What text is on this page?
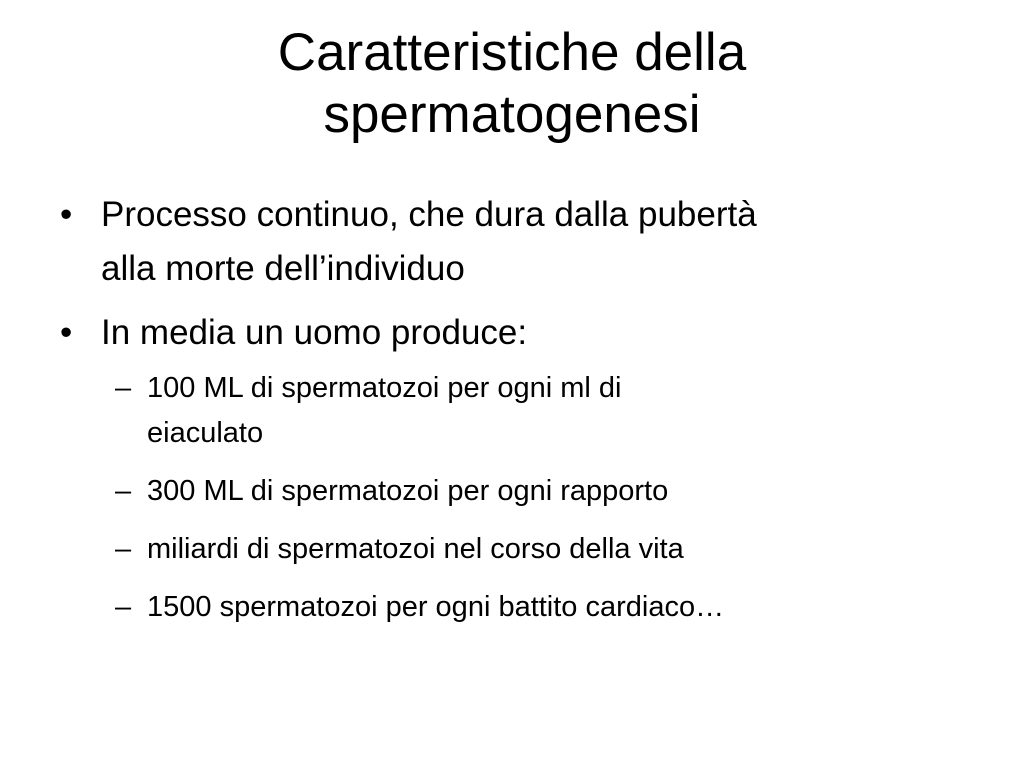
Caratteristiche della
spermatogenesi
• Processo continuo, che dura dalla pubertà
alla morte dell’individuo
• In media un uomo produce:
– 100 ML di spermatozoi per ogni ml di
eiaculato
– 300 ML di spermatozoi per ogni rapporto
– miliardi di spermatozoi nel corso della vita
– 1500 spermatozoi per ogni battito cardiaco…
